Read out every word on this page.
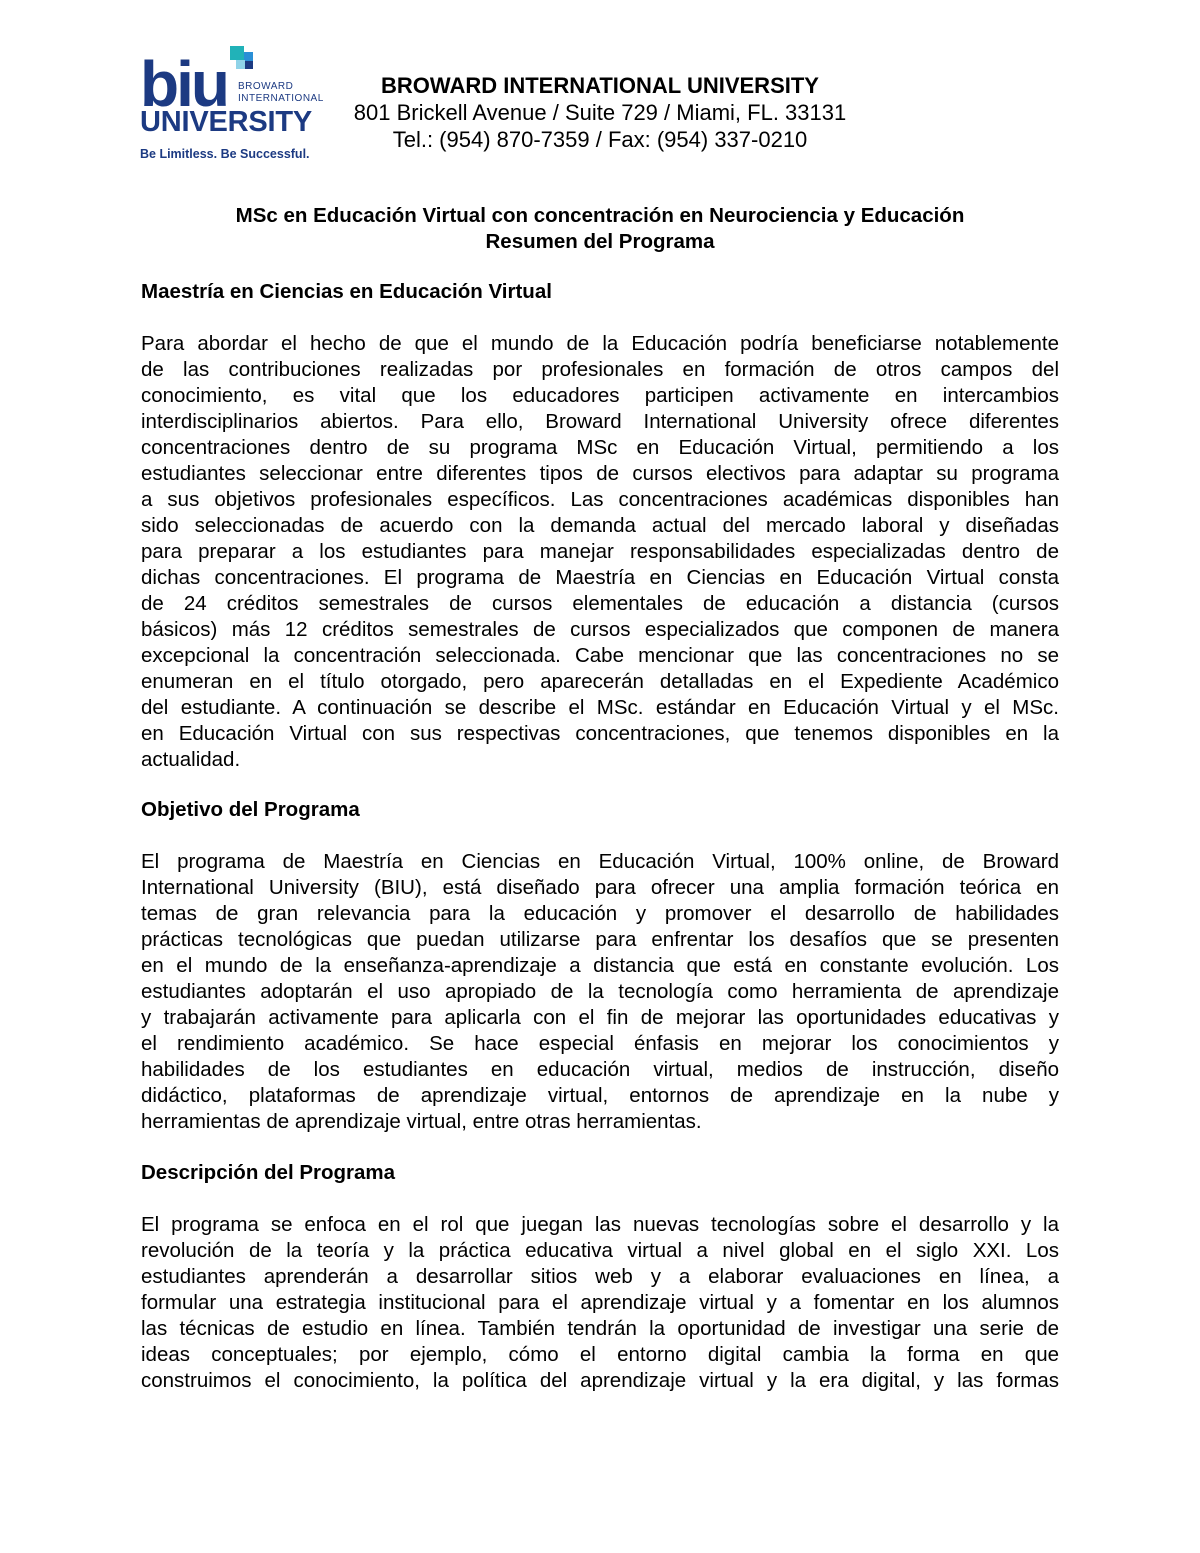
biu BROWARD
INTERNATIONAL
UNIVERSITY
Be Limitless. Be Successful.
BROWARD INTERNATIONAL UNIVERSITY
801 Brickell Avenue / Suite 729 / Miami, FL. 33131
Tel.: (954) 870-7359 / Fax: (954) 337-0210
MSc en Educación Virtual con concentración en Neurociencia y Educación
Resumen del Programa
Maestría en Ciencias en Educación Virtual
Para abordar el hecho de que el mundo de la Educación podría beneficiarse notablemente
de las contribuciones realizadas por profesionales en formación de otros campos del
conocimiento, es vital que los educadores participen activamente en intercambios
interdisciplinarios abiertos. Para ello, Broward International University ofrece diferentes
concentraciones dentro de su programa MSc en Educación Virtual, permitiendo a los
estudiantes seleccionar entre diferentes tipos de cursos electivos para adaptar su programa
a sus objetivos profesionales específicos. Las concentraciones académicas disponibles han
sido seleccionadas de acuerdo con la demanda actual del mercado laboral y diseñadas
para preparar a los estudiantes para manejar responsabilidades especializadas dentro de
dichas concentraciones. El programa de Maestría en Ciencias en Educación Virtual consta
de 24 créditos semestrales de cursos elementales de educación a distancia (cursos
básicos) más 12 créditos semestrales de cursos especializados que componen de manera
excepcional la concentración seleccionada. Cabe mencionar que las concentraciones no se
enumeran en el título otorgado, pero aparecerán detalladas en el Expediente Académico
del estudiante. A continuación se describe el MSc. estándar en Educación Virtual y el MSc.
en Educación Virtual con sus respectivas concentraciones, que tenemos disponibles en la
actualidad.
Objetivo del Programa
El programa de Maestría en Ciencias en Educación Virtual, 100% online, de Broward
International University (BIU), está diseñado para ofrecer una amplia formación teórica en
temas de gran relevancia para la educación y promover el desarrollo de habilidades
prácticas tecnológicas que puedan utilizarse para enfrentar los desafíos que se presenten
en el mundo de la enseñanza-aprendizaje a distancia que está en constante evolución. Los
estudiantes adoptarán el uso apropiado de la tecnología como herramienta de aprendizaje
y trabajarán activamente para aplicarla con el fin de mejorar las oportunidades educativas y
el rendimiento académico. Se hace especial énfasis en mejorar los conocimientos y
habilidades de los estudiantes en educación virtual, medios de instrucción, diseño
didáctico, plataformas de aprendizaje virtual, entornos de aprendizaje en la nube y
herramientas de aprendizaje virtual, entre otras herramientas.
Descripción del Programa
El programa se enfoca en el rol que juegan las nuevas tecnologías sobre el desarrollo y la
revolución de la teoría y la práctica educativa virtual a nivel global en el siglo XXI. Los
estudiantes aprenderán a desarrollar sitios web y a elaborar evaluaciones en línea, a
formular una estrategia institucional para el aprendizaje virtual y a fomentar en los alumnos
las técnicas de estudio en línea. También tendrán la oportunidad de investigar una serie de
ideas conceptuales; por ejemplo, cómo el entorno digital cambia la forma en que
construimos el conocimiento, la política del aprendizaje virtual y la era digital, y las formas
